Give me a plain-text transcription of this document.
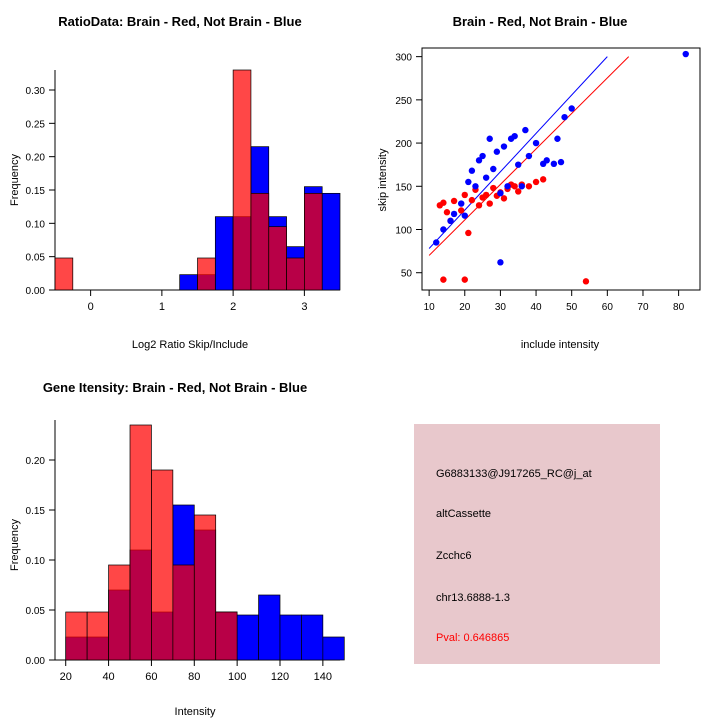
RatioData: Brain - Red, Not Brain - Blue
0.00
0.05
0.10
0.15
0.20
0.25
0.30
Frequency
0	1	2	3
Log2 Ratio Skip/Include
Brain - Red, Not Brain - Blue
50
100
150
200
250
300
10 20 30 40 50 60 70 80
skip intensity
include intensity
Gene Itensity: Brain - Red, Not Brain - Blue
0.00
0.05
0.10
0.15
0.20
Frequency
20	40	60	80	100 120 140
Intensity
G6883133@J917265_RC@j_at
altCassette
Zcchc6
chr13.6888-1.3
Pval: 0.646865
